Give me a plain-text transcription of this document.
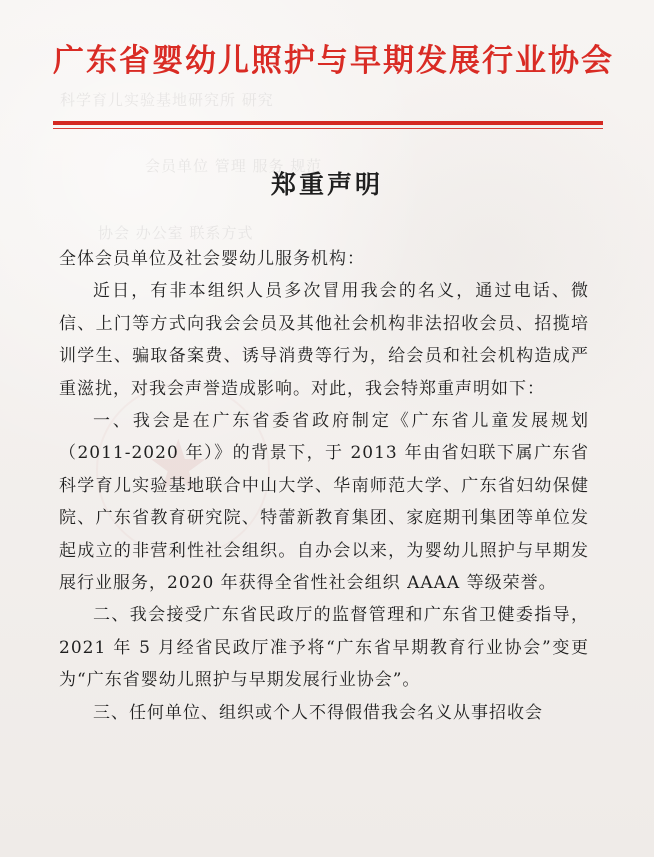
科学育儿实验基地研究所 研究
会员单位 管理 服务 规范
协会 办公室 联系方式
★
广东省婴幼儿照护与早期发展行业协会
郑重声明

全体会员单位及社会婴幼儿服务机构：

近日，有非本组织人员多次冒用我会的名义，通过电话、微信、上门等方式向我会会员及其他社会机构非法招收会员、招揽培训学生、骗取备案费、诱导消费等行为，给会员和社会机构造成严重滋扰，对我会声誉造成影响。对此，我会特郑重声明如下：

一、我会是在广东省委省政府制定《广东省儿童发展规划（2011-2020 年）》的背景下，于 2013 年由省妇联下属广东省科学育儿实验基地联合中山大学、华南师范大学、广东省妇幼保健院、广东省教育研究院、特蕾新教育集团、家庭期刊集团等单位发起成立的非营利性社会组织。自办会以来，为婴幼儿照护与早期发展行业服务，2020 年获得全省性社会组织 AAAA 等级荣誉。

二、我会接受广东省民政厅的监督管理和广东省卫健委指导，2021 年 5 月经省民政厅准予将“广东省早期教育行业协会”变更为“广东省婴幼儿照护与早期发展行业协会”。

三、任何单位、组织或个人不得假借我会名义从事招收会
